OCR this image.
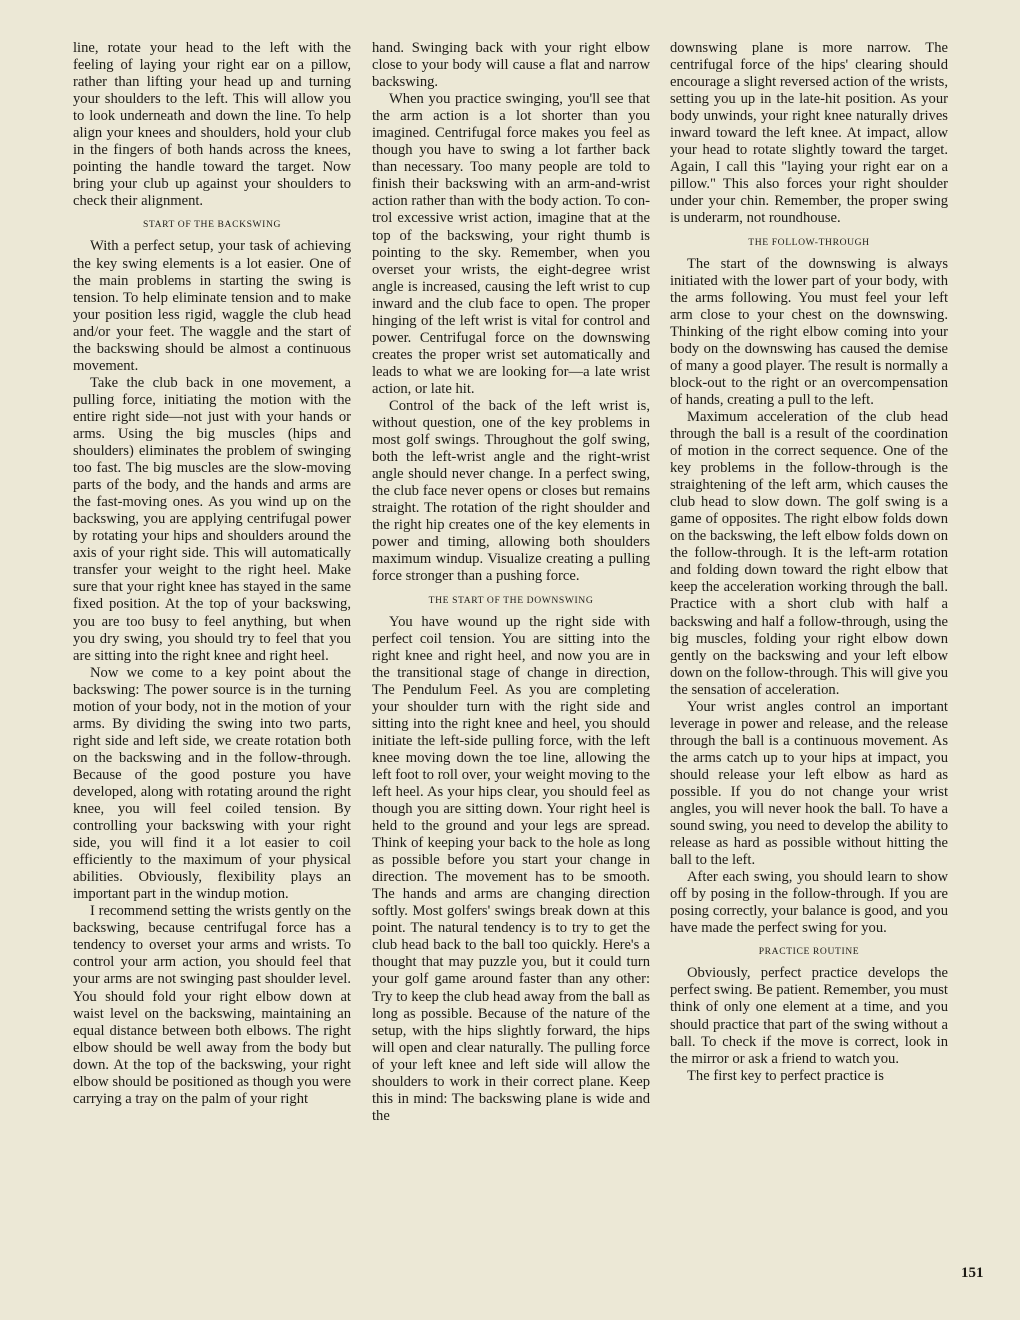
line, rotate your head to the left with the feeling of laying your right ear on a pillow, rather than lifting your head up and turning your shoulders to the left. This will allow you to look underneath and down the line. To help align your knees and shoulders, hold your club in the fingers of both hands across the knees, pointing the handle toward the target. Now bring your club up against your shoulders to check their alignment.

START OF THE BACKSWING

With a perfect setup, your task of achieving the key swing elements is a lot easier. One of the main problems in starting the swing is tension. To help eliminate tension and to make your position less rigid, waggle the club head and/or your feet. The waggle and the start of the backswing should be almost a continuous movement.

Take the club back in one movement, a pulling force, initiating the motion with the entire right side—not just with your hands or arms. Using the big muscles (hips and shoulders) eliminates the problem of swinging too fast. The big muscles are the slow-moving parts of the body, and the hands and arms are the fast-moving ones. As you wind up on the backswing, you are applying centrifugal power by rotating your hips and shoulders around the axis of your right side. This will automatically transfer your weight to the right heel. Make sure that your right knee has stayed in the same fixed position. At the top of your backswing, you are too busy to feel anything, but when you dry swing, you should try to feel that you are sitting into the right knee and right heel.

Now we come to a key point about the backswing: The power source is in the turning motion of your body, not in the motion of your arms. By dividing the swing into two parts, right side and left side, we create rotation both on the backswing and in the follow-through. Because of the good posture you have developed, along with rotating around the right knee, you will feel coiled tension. By controlling your backswing with your right side, you will find it a lot easier to coil efficiently to the maximum of your physical abilities. Obviously, flexibility plays an important part in the windup motion.

I recommend setting the wrists gently on the backswing, because centrifugal force has a tendency to overset your arms and wrists. To control your arm action, you should feel that your arms are not swinging past shoulder level. You should fold your right elbow down at waist level on the backswing, maintaining an equal distance between both elbows. The right elbow should be well away from the body but down. At the top of the backswing, your right elbow should be positioned as though you were carrying a tray on the palm of your right

hand. Swinging back with your right elbow close to your body will cause a flat and narrow backswing.

When you practice swinging, you'll see that the arm action is a lot shorter than you imagined. Centrifugal force makes you feel as though you have to swing a lot farther back than necessary. Too many people are told to finish their backswing with an arm-and-wrist action rather than with the body action. To control excessive wrist action, imagine that at the top of the backswing, your right thumb is pointing to the sky. Remember, when you overset your wrists, the eight-degree wrist angle is increased, causing the left wrist to cup inward and the club face to open. The proper hinging of the left wrist is vital for control and power. Centrifugal force on the downswing creates the proper wrist set automatically and leads to what we are looking for—a late wrist action, or late hit.

Control of the back of the left wrist is, without question, one of the key problems in most golf swings. Throughout the golf swing, both the left-wrist angle and the right-wrist angle should never change. In a perfect swing, the club face never opens or closes but remains straight. The rotation of the right shoulder and the right hip creates one of the key elements in power and timing, allowing both shoulders maximum windup. Visualize creating a pulling force stronger than a pushing force.

THE START OF THE DOWNSWING

You have wound up the right side with perfect coil tension. You are sitting into the right knee and right heel, and now you are in the transitional stage of change in direction, The Pendulum Feel. As you are completing your shoulder turn with the right side and sitting into the right knee and heel, you should initiate the left-side pulling force, with the left knee moving down the toe line, allowing the left foot to roll over, your weight moving to the left heel. As your hips clear, you should feel as though you are sitting down. Your right heel is held to the ground and your legs are spread. Think of keeping your back to the hole as long as possible before you start your change in direction. The movement has to be smooth. The hands and arms are changing direction softly. Most golfers' swings break down at this point. The natural tendency is to try to get the club head back to the ball too quickly. Here's a thought that may puzzle you, but it could turn your golf game around faster than any other: Try to keep the club head away from the ball as long as possible. Because of the nature of the setup, with the hips slightly forward, the hips will open and clear naturally. The pulling force of your left knee and left side will allow the shoulders to work in their correct plane. Keep this in mind: The backswing plane is wide and the

downswing plane is more narrow. The centrifugal force of the hips' clearing should encourage a slight reversed action of the wrists, setting you up in the late-hit position. As your body unwinds, your right knee naturally drives inward toward the left knee. At impact, allow your head to rotate slightly toward the target. Again, I call this "laying your right ear on a pillow." This also forces your right shoulder under your chin. Remember, the proper swing is underarm, not roundhouse.

THE FOLLOW-THROUGH

The start of the downswing is always initiated with the lower part of your body, with the arms following. You must feel your left arm close to your chest on the downswing. Thinking of the right elbow coming into your body on the downswing has caused the demise of many a good player. The result is normally a block-out to the right or an overcompensation of hands, creating a pull to the left.

Maximum acceleration of the club head through the ball is a result of the coordination of motion in the correct sequence. One of the key problems in the follow-through is the straightening of the left arm, which causes the club head to slow down. The golf swing is a game of opposites. The right elbow folds down on the backswing, the left elbow folds down on the follow-through. It is the left-arm rotation and folding down toward the right elbow that keep the acceleration working through the ball. Practice with a short club with half a backswing and half a follow-through, using the big muscles, folding your right elbow down gently on the backswing and your left elbow down on the follow-through. This will give you the sensation of acceleration.

Your wrist angles control an important leverage in power and release, and the release through the ball is a continuous movement. As the arms catch up to your hips at impact, you should release your left elbow as hard as possible. If you do not change your wrist angles, you will never hook the ball. To have a sound swing, you need to develop the ability to release as hard as possible without hitting the ball to the left.

After each swing, you should learn to show off by posing in the follow-through. If you are posing correctly, your balance is good, and you have made the perfect swing for you.

PRACTICE ROUTINE

Obviously, perfect practice develops the perfect swing. Be patient. Remember, you must think of only one element at a time, and you should practice that part of the swing without a ball. To check if the move is correct, look in the mirror or ask a friend to watch you.

The first key to perfect practice is

151
